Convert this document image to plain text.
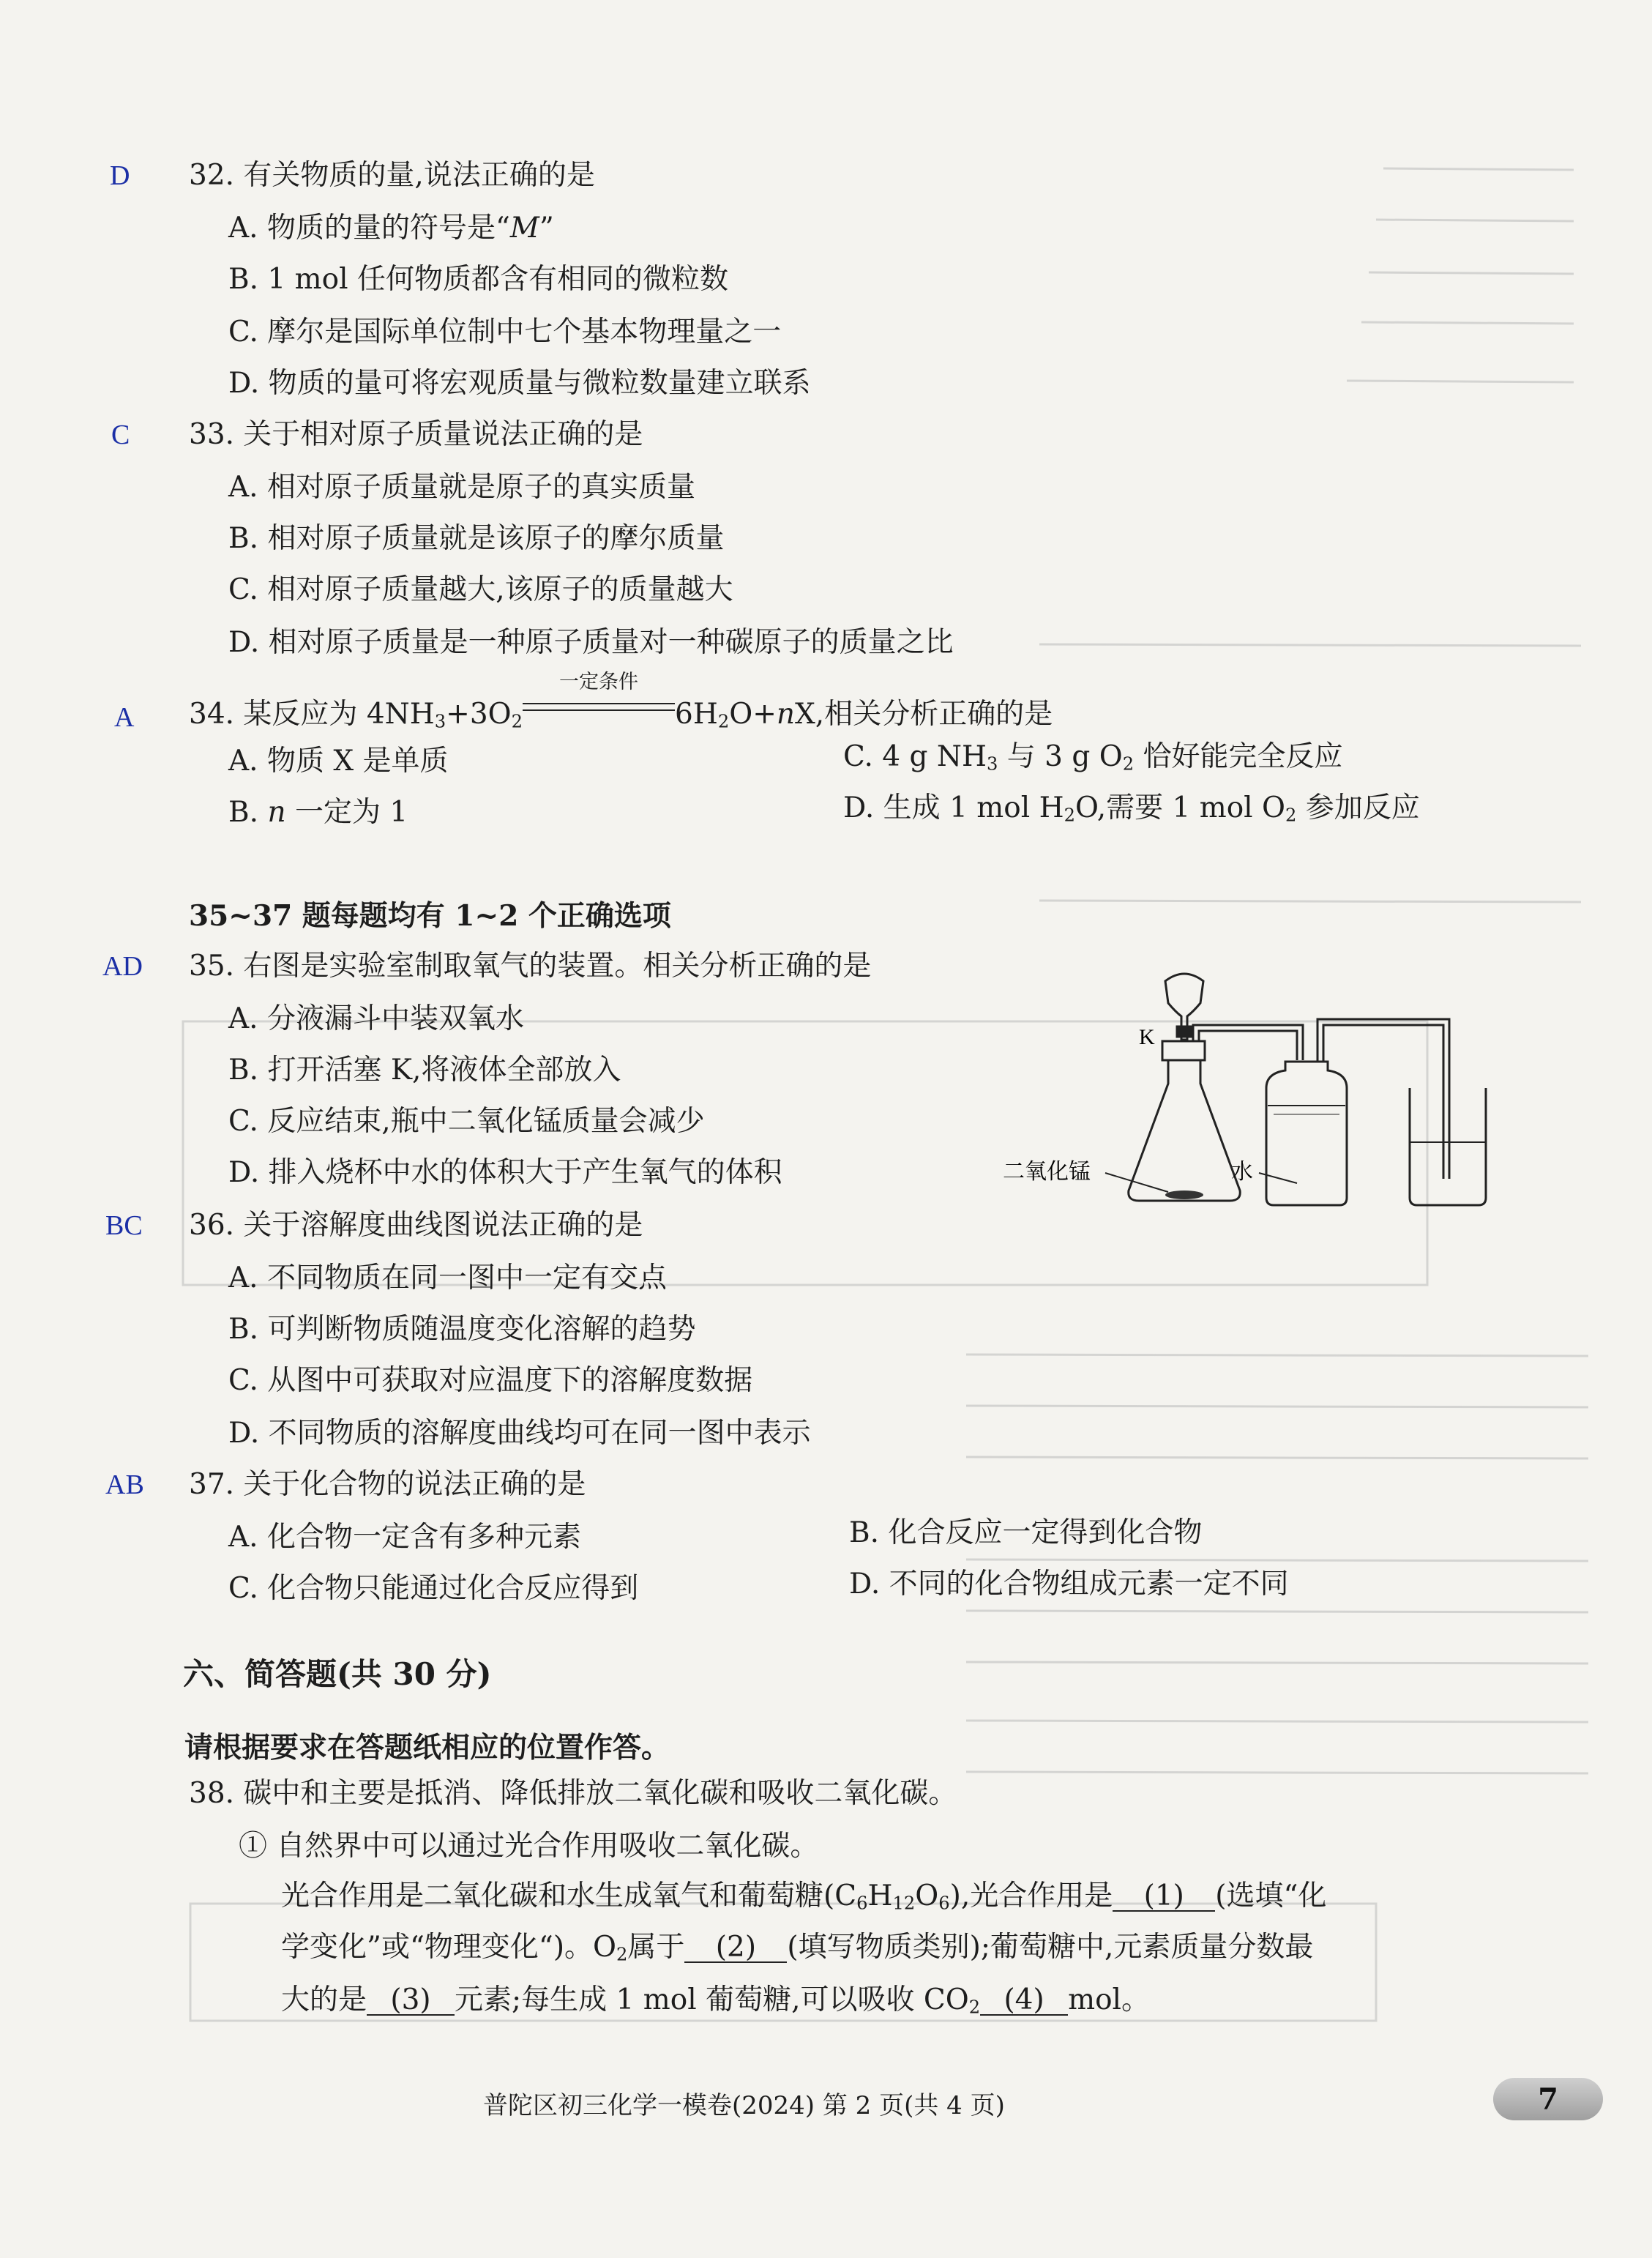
D 32. 有关物质的量,说法正确的是
A. 物质的量的符号是“M”
B. 1 mol 任何物质都含有相同的微粒数
C. 摩尔是国际单位制中七个基本物理量之一
D. 物质的量可将宏观质量与微粒数量建立联系
C 33. 关于相对原子质量说法正确的是
A. 相对原子质量就是原子的真实质量
B. 相对原子质量就是该原子的摩尔质量
C. 相对原子质量越大,该原子的质量越大
D. 相对原子质量是一种原子质量对一种碳原子的质量之比
A 34. 某反应为 $4NH_3+3O_2$
一定条件
$6H_2O+nX$,相关分析正确的是
A. 物质 X 是单质
B. n 一定为 1
C. 4 g $NH_3$ 与 3 g $O_2$ 恰好能完全反应
D. 生成 1 mol $H_2O$,需要 1 mol $O_2$ 参加反应
35~37 题每题均有 1~2 个正确选项
AD 35. 右图是实验室制取氧气的装置。相关分析正确的是
A. 分液漏斗中装双氧水
B. 打开活塞 K,将液体全部放入
C. 反应结束,瓶中二氧化锰质量会减少
D. 排入烧杯中水的体积大于产生氧气的体积
K
二氧化锰	水
BC 36. 关于溶解度曲线图说法正确的是
A. 不同物质在同一图中一定有交点
B. 可判断物质随温度变化溶解的趋势
C. 从图中可获取对应温度下的溶解度数据
D. 不同物质的溶解度曲线均可在同一图中表示
AB 37. 关于化合物的说法正确的是
A. 化合物一定含有多种元素	B. 化合反应一定得到化合物
C. 化合物只能通过化合反应得到	D. 不同的化合物组成元素一定不同
六、简答题(共 30 分)
请根据要求在答题纸相应的位置作答。
38. 碳中和主要是抵消、降低排放二氧化碳和吸收二氧化碳。
① 自然界中可以通过光合作用吸收二氧化碳。
光合作用是二氧化碳和水生成氧气和葡萄糖$(C_6H_{12}O_6)$,光合作用是 (1) (选填“化
学变化”或“物理变化“)。$O_2$属于 (2) (填写物质类别);葡萄糖中,元素质量分数最
大的是 (3) 元素;每生成 1 mol 葡萄糖,可以吸收 $CO_2$ (4) mol。
普陀区初三化学一模卷(2024) 第 2 页(共 4 页)	7
